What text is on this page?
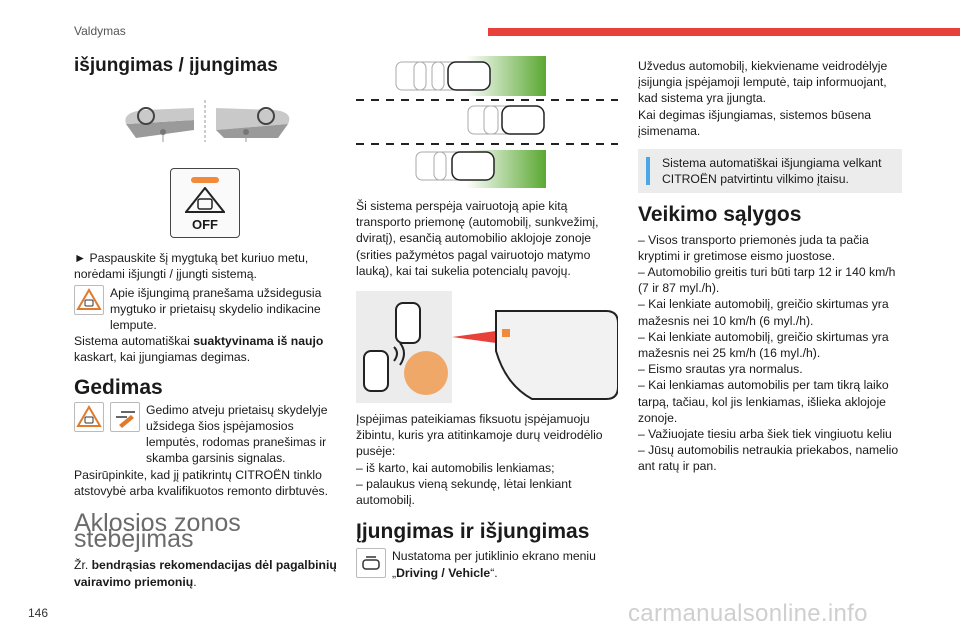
Valdymas
146	carmanualsonline.info
išjungimas / įjungimas
OFF

► Paspauskite šį mygtuką bet kuriuo metu, norėdami išjungti / įjungti sistemą.

Apie išjungimą pranešama užsidegusia mygtuko ir prietaisų skydelio indikacine lempute.

Sistema automatiškai suaktyvinama iš naujo kaskart, kai įjungiamas degimas.

Gedimas

Gedimo atveju prietaisų skydelyje užsidega šios įspėjamosios lemputės, rodomas pranešimas ir skamba garsinis signalas.

Pasirūpinkite, kad jį patikrintų CITROËN tinklo atstovybė arba kvalifikuotos remonto dirbtuvės.

Aklosios zonos stebėjimas

Žr. bendrąsias rekomendacijas dėl pagalbinių vairavimo priemonių.

Ši sistema perspėja vairuotoją apie kitą transporto priemonę (automobilį, sunkvežimį, dviratį), esančią automobilio aklojoje zonoje (srities pažymėtos pagal vairuotojo matymo lauką), kai tai sukelia potencialų pavojų.

Įspėjimas pateikiamas fiksuotu įspėjamuoju žibintu, kuris yra atitinkamoje durų veidrodėlio pusėje:

– iš karto, kai automobilis lenkiamas;

– palaukus vieną sekundę, lėtai lenkiant automobilį.

Įjungimas ir išjungimas

Nustatoma per jutiklinio ekrano meniu „Driving / Vehicle“.

Užvedus automobilį, kiekviename veidrodėlyje įsijungia įspėjamoji lemputė, taip informuojant, kad sistema yra įjungta.

Kai degimas išjungiamas, sistemos būsena įsimenama.

Sistema automatiškai išjungiama velkant CITROËN patvirtintu vilkimo įtaisu.

Veikimo sąlygos

– Visos transporto priemonės juda ta pačia kryptimi ir gretimose eismo juostose.

– Automobilio greitis turi būti tarp 12 ir 140 km/h (7 ir 87 myl./h).

– Kai lenkiate automobilį, greičio skirtumas yra mažesnis nei 10 km/h (6 myl./h).

– Kai lenkiate automobilį, greičio skirtumas yra mažesnis nei 25 km/h (16 myl./h).

– Eismo srautas yra normalus.

– Kai lenkiamas automobilis per tam tikrą laiko tarpą, tačiau, kol jis lenkiamas, išlieka aklojoje zonoje.

– Važiuojate tiesiu arba šiek tiek vingiuotu keliu

– Jūsų automobilis netraukia priekabos, namelio ant ratų ir pan.
